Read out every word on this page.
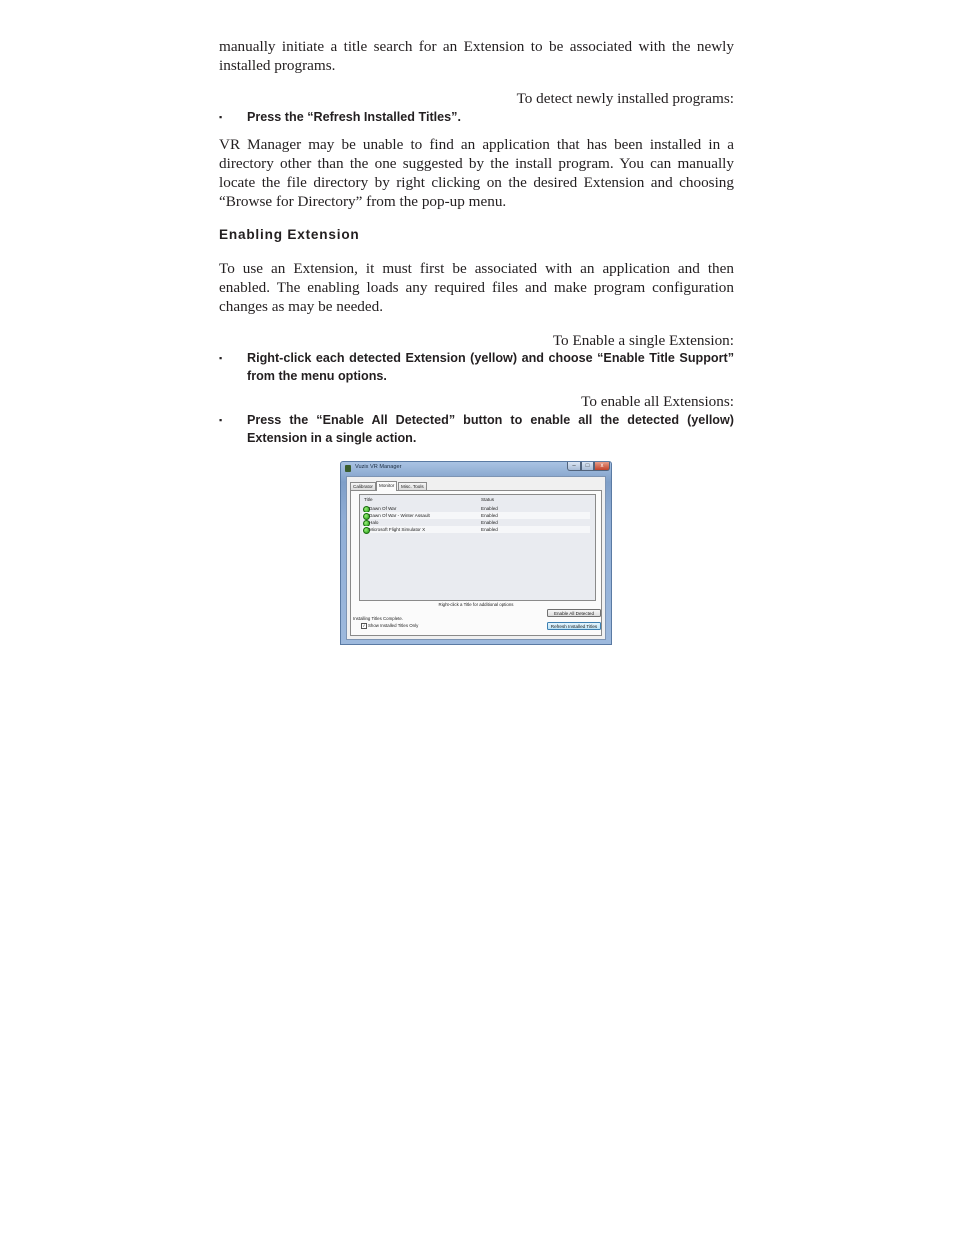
manually initiate a title search for an Extension to be associated with the newly installed programs.

To detect newly installed programs:
▪ Press the “Refresh Installed Titles”.

VR Manager may be unable to find an application that has been installed in a directory other than the one suggested by the install program. You can manually locate the file directory by right clicking on the desired Extension and choosing “Browse for Directory” from the pop-up menu.

Enabling Extension

To use an Extension, it must first be associated with an application and then enabled. The enabling loads any required files and make program configuration changes as may be needed.

To Enable a single Extension:
▪ Right-click each detected Extension (yellow) and choose “Enable Title Support” from the menu options.
To enable all Extensions:
▪ Press the “Enable All Detected” button to enable all the detected (yellow) Extension in a single action.
Vuzix VR Manager	–	□	x
Calibrator	Monitor	Misc. Tools
Title	Status
Dawn Of War	Enabled
Dawn Of War - Winter Assault	Enabled
Halo	Enabled
Microsoft Flight Simulator X	Enabled
Right-click a Title for additional options
Enable All Detected
Refresh Installed Titles
Installing Titles Complete.
✓ Show Installed Titles Only
